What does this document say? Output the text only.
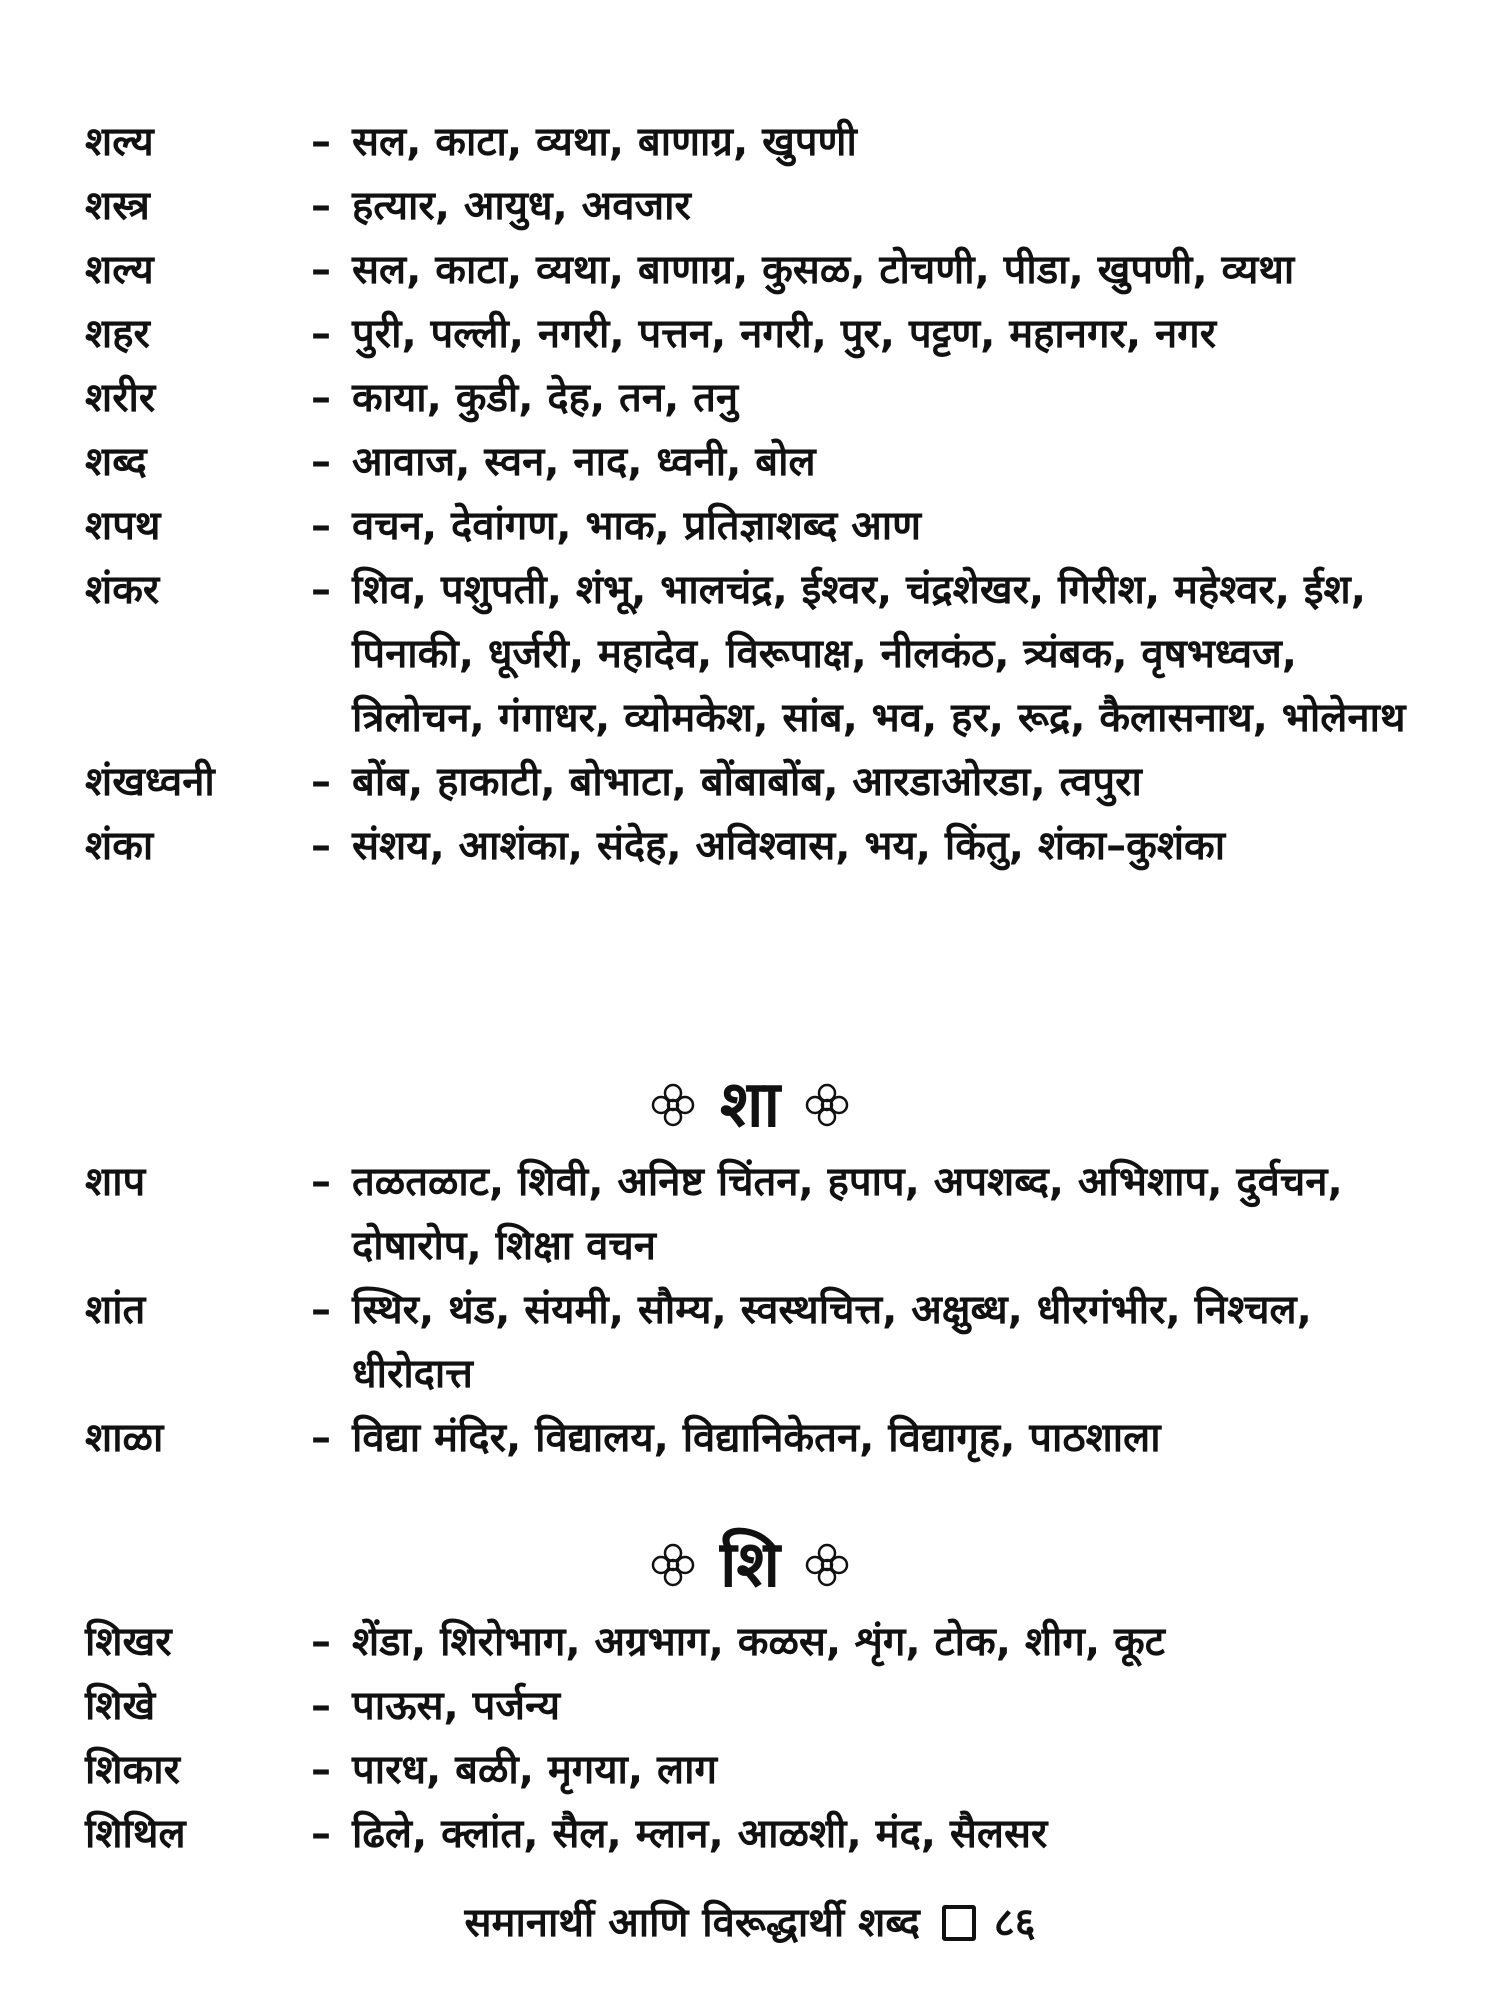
शल्य	– सल, काटा, व्यथा, बाणाग्र, खुपणी
शस्त्र	– हत्यार, आयुध, अवजार
शल्य	– सल, काटा, व्यथा, बाणाग्र, कुसळ, टोचणी, पीडा, खुपणी, व्यथा
शहर	– पुरी, पल्ली, नगरी, पत्तन, नगरी, पुर, पट्टण, महानगर, नगर
शरीर	– काया, कुडी, देह, तन, तनु
शब्द	– आवाज, स्वन, नाद, ध्वनी, बोल
शपथ	– वचन, देवांगण, भाक, प्रतिज्ञाशब्द आण
शंकर	– शिव, पशुपती, शंभू, भालचंद्र, ईश्वर, चंद्रशेखर, गिरीश, महेश्वर, ईश, पिनाकी, धूर्जरी, महादेव, विरूपाक्ष, नीलकंठ, त्र्यंबक, वृषभध्वज, त्रिलोचन, गंगाधर, व्योमकेश, सांब, भव, हर, रूद्र, कैलासनाथ, भोलेनाथ
शंखध्वनी	– बोंब, हाकाटी, बोभाटा, बोंबाबोंब, आरडाओरडा, त्वपुरा
शंका	– संशय, आशंका, संदेह, अविश्वास, भय, किंतु, शंका–कुशंका
शा
शाप	– तळतळाट, शिवी, अनिष्ट चिंतन, हपाप, अपशब्द, अभिशाप, दुर्वचन, दोषारोप, शिक्षा वचन
शांत	– स्थिर, थंड, संयमी, सौम्य, स्वस्थचित्त, अक्षुब्ध, धीरगंभीर, निश्चल, धीरोदात्त
शाळा	– विद्या मंदिर, विद्यालय, विद्यानिकेतन, विद्यागृह, पाठशाला
शि
शिखर	– शेंडा, शिरोभाग, अग्रभाग, कळस, शृंग, टोक, शीग, कूट
शिखे	– पाऊस, पर्जन्य
शिकार	– पारध, बळी, मृगया, लाग
शिथिल	– ढिले, क्लांत, सैल, म्लान, आळशी, मंद, सैलसर
समानार्थी आणि विरूद्धार्थी शब्द ८६
